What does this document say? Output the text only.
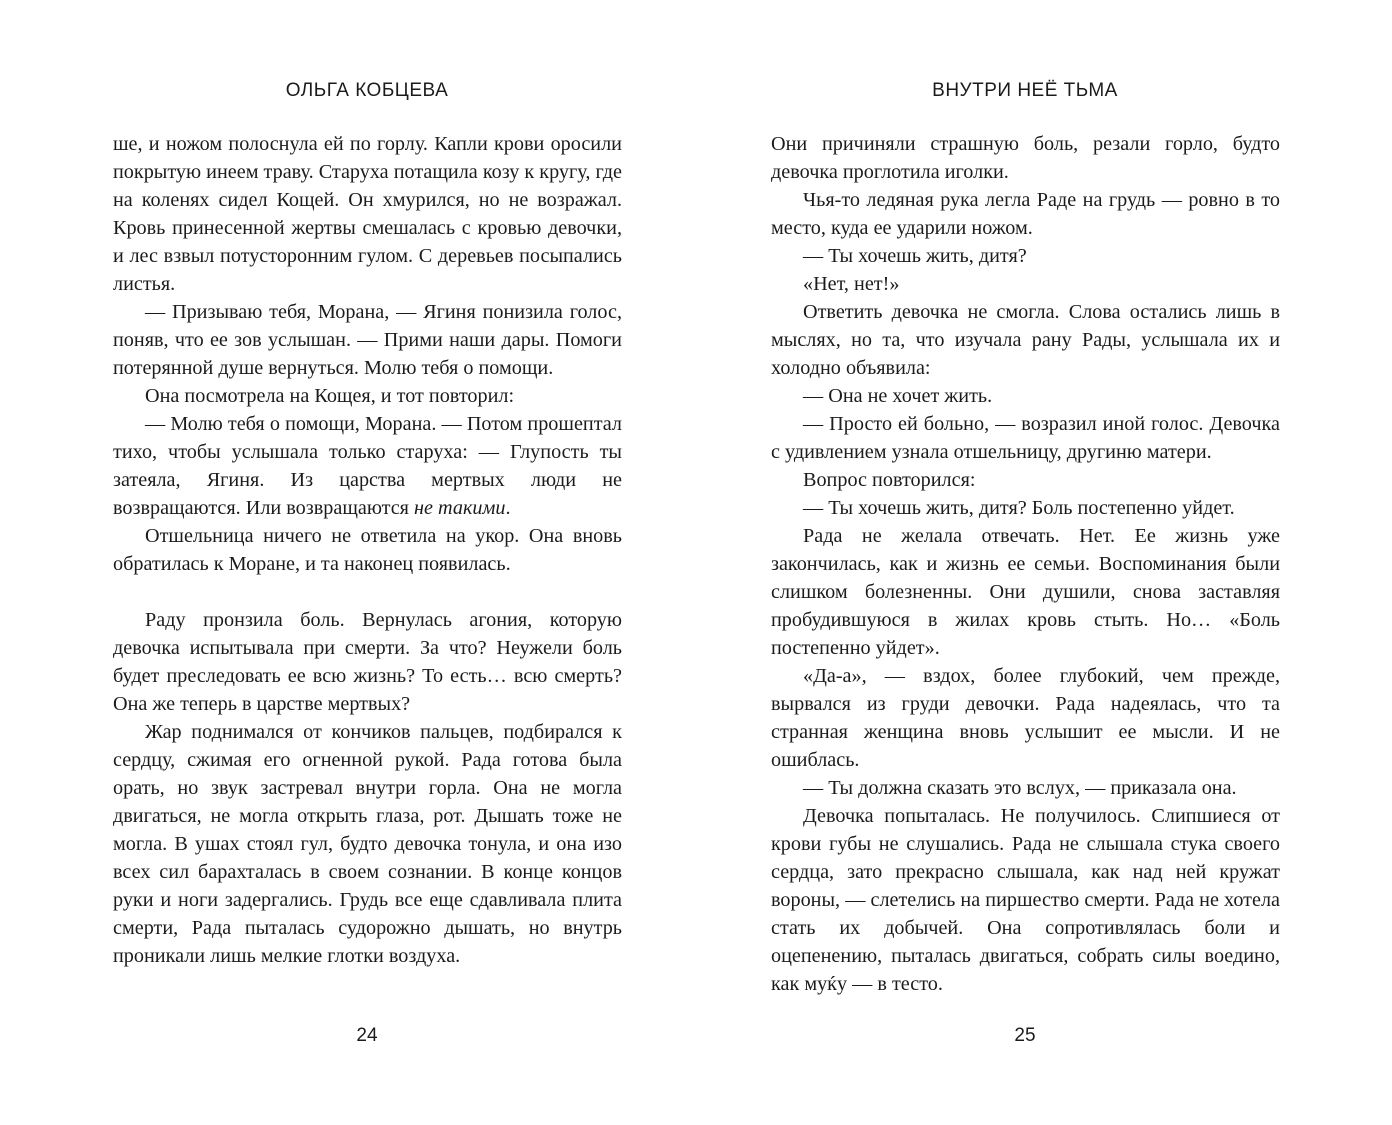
ОЛЬГА КОБЦЕВА

ше, и ножом полоснула ей по горлу. Капли крови оросили покрытую инеем траву. Старуха потащила козу к кругу, где на коленях сидел Кощей. Он хмурился, но не возражал. Кровь принесенной жертвы смешалась с кровью девочки, и лес взвыл потусторонним гулом. С деревьев посыпались листья.

— Призываю тебя, Морана, — Ягиня понизила голос, поняв, что ее зов услышан. — Прими наши дары. Помоги потерянной душе вернуться. Молю тебя о помощи.

Она посмотрела на Кощея, и тот повторил:

— Молю тебя о помощи, Морана. — Потом прошептал тихо, чтобы услышала только старуха: — Глупость ты затеяла, Ягиня. Из царства мертвых люди не возвращаются. Или возвращаются не такими.

Отшельница ничего не ответила на укор. Она вновь обратилась к Моране, и та наконец появилась.

Раду пронзила боль. Вернулась агония, которую девочка испытывала при смерти. За что? Неужели боль будет преследовать ее всю жизнь? То есть… всю смерть? Она же теперь в царстве мертвых?

Жар поднимался от кончиков пальцев, подбирался к сердцу, сжимая его огненной рукой. Рада готова была орать, но звук застревал внутри горла. Она не могла двигаться, не могла открыть глаза, рот. Дышать тоже не могла. В ушах стоял гул, будто девочка тонула, и она изо всех сил барахталась в своем сознании. В конце концов руки и ноги задергались. Грудь все еще сдавливала плита смерти, Рада пыталась судорожно дышать, но внутрь проникали лишь мелкие глотки воздуха.

24
ВНУТРИ НЕЁ ТЬМА

Они причиняли страшную боль, резали горло, будто девочка проглотила иголки.

Чья-то ледяная рука легла Раде на грудь — ровно в то место, куда ее ударили ножом.

— Ты хочешь жить, дитя?

«Нет, нет!»

Ответить девочка не смогла. Слова остались лишь в мыслях, но та, что изучала рану Рады, услышала их и холодно объявила:

— Она не хочет жить.

— Просто ей больно, — возразил иной голос. Девочка с удивлением узнала отшельницу, другиню матери.

Вопрос повторился:

— Ты хочешь жить, дитя? Боль постепенно уйдет.

Рада не желала отвечать. Нет. Ее жизнь уже закончилась, как и жизнь ее семьи. Воспоминания были слишком болезненны. Они душили, снова заставляя пробудившуюся в жилах кровь стыть. Но… «Боль постепенно уйдет».

«Да-а», — вздох, более глубокий, чем прежде, вырвался из груди девочки. Рада надеялась, что та странная женщина вновь услышит ее мысли. И не ошиблась.

— Ты должна сказать это вслух, — приказала она.

Девочка попыталась. Не получилось. Слипшиеся от крови губы не слушались. Рада не слышала стука своего сердца, зато прекрасно слышала, как над ней кружат вороны, — слетелись на пиршество смерти. Рада не хотела стать их добычей. Она сопротивлялась боли и оцепенению, пыталась двигаться, собрать силы воедино, как муќу — в тесто.

25
